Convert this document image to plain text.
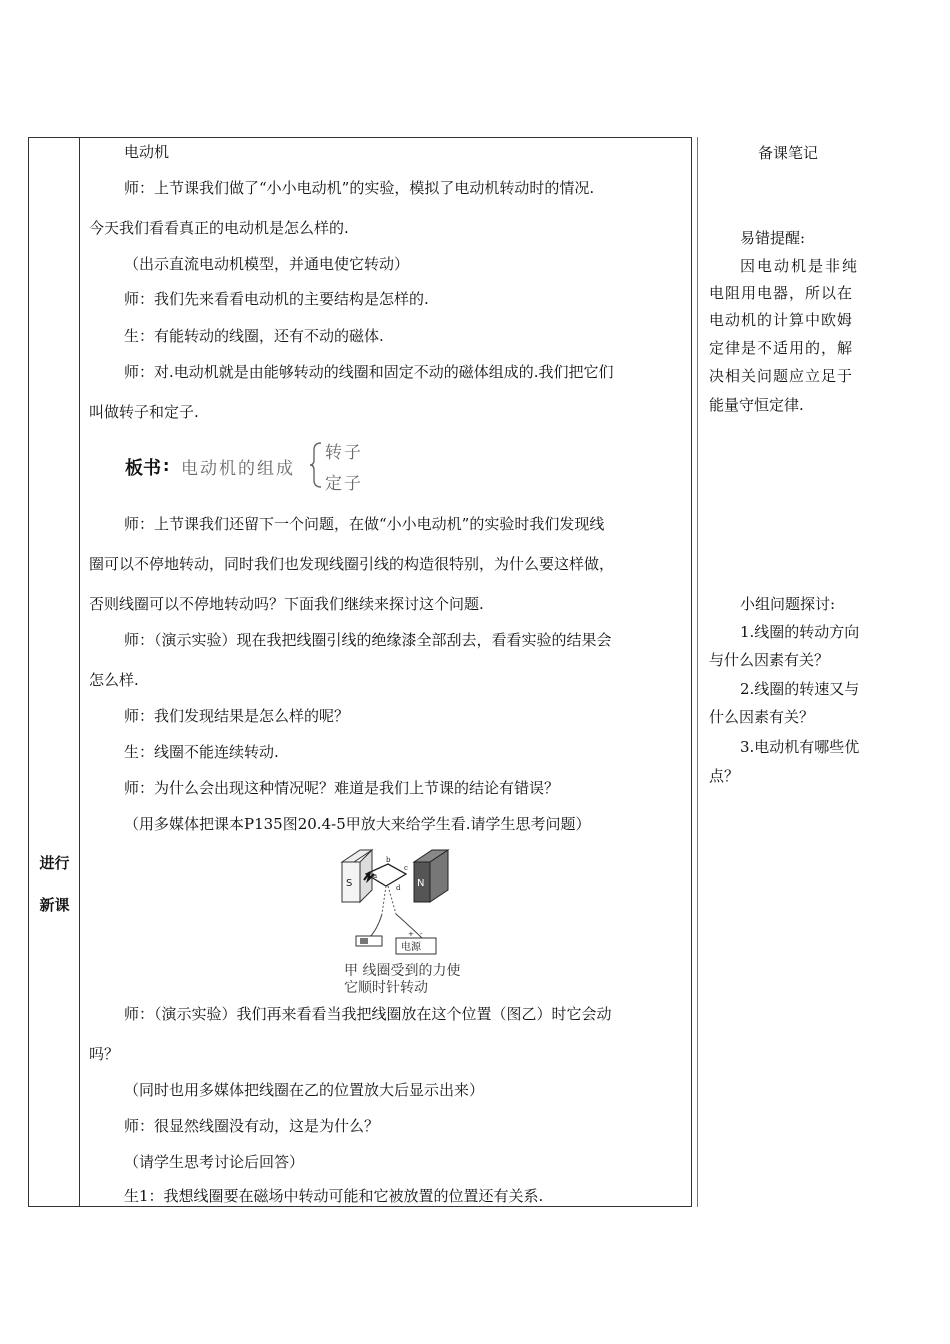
进行
新课
电动机
师：上节课我们做了“小小电动机”的实验，模拟了电动机转动时的情况.
今天我们看看真正的电动机是怎么样的.
（出示直流电动机模型，并通电使它转动）
师：我们先来看看电动机的主要结构是怎样的.
生：有能转动的线圈，还有不动的磁体.
师：对.电动机就是由能够转动的线圈和固定不动的磁体组成的.我们把它们
叫做转子和定子.
板书 : 电动机的组成
转子
定子
师：上节课我们还留下一个问题，在做“小小电动机”的实验时我们发现线
圈可以不停地转动，同时我们也发现线圈引线的构造很特别，为什么要这样做，
否则线圈可以不停地转动吗？下面我们继续来探讨这个问题.
师：（演示实验）现在我把线圈引线的绝缘漆全部刮去，看看实验的结果会
怎么样.
师：我们发现结果是怎么样的呢？
生：线圈不能连续转动.
师：为什么会出现这种情况呢？难道是我们上节课的结论有错误？
（用多媒体把课本P135图20.4-5甲放大来给学生看.请学生思考问题）
a
b
c
d
S	N
+ -
电源
甲 线圈受到的力使
它顺时针转动
师：（演示实验）我们再来看看当我把线圈放在这个位置（图乙）时它会动
吗？
（同时也用多媒体把线圈在乙的位置放大后显示出来）
师：很显然线圈没有动，这是为什么？
（请学生思考讨论后回答）
生1：我想线圈要在磁场中转动可能和它被放置的位置还有关系.
备课笔记
易错提醒:
因电动机是非纯
电阻用电器，所以在
电动机的计算中欧姆
定律是不适用的，解
决相关问题应立足于
能量守恒定律.
小组问题探讨:
1.线圈的转动方向
与什么因素有关？
2.线圈的转速又与
什么因素有关？
3.电动机有哪些优
点？
